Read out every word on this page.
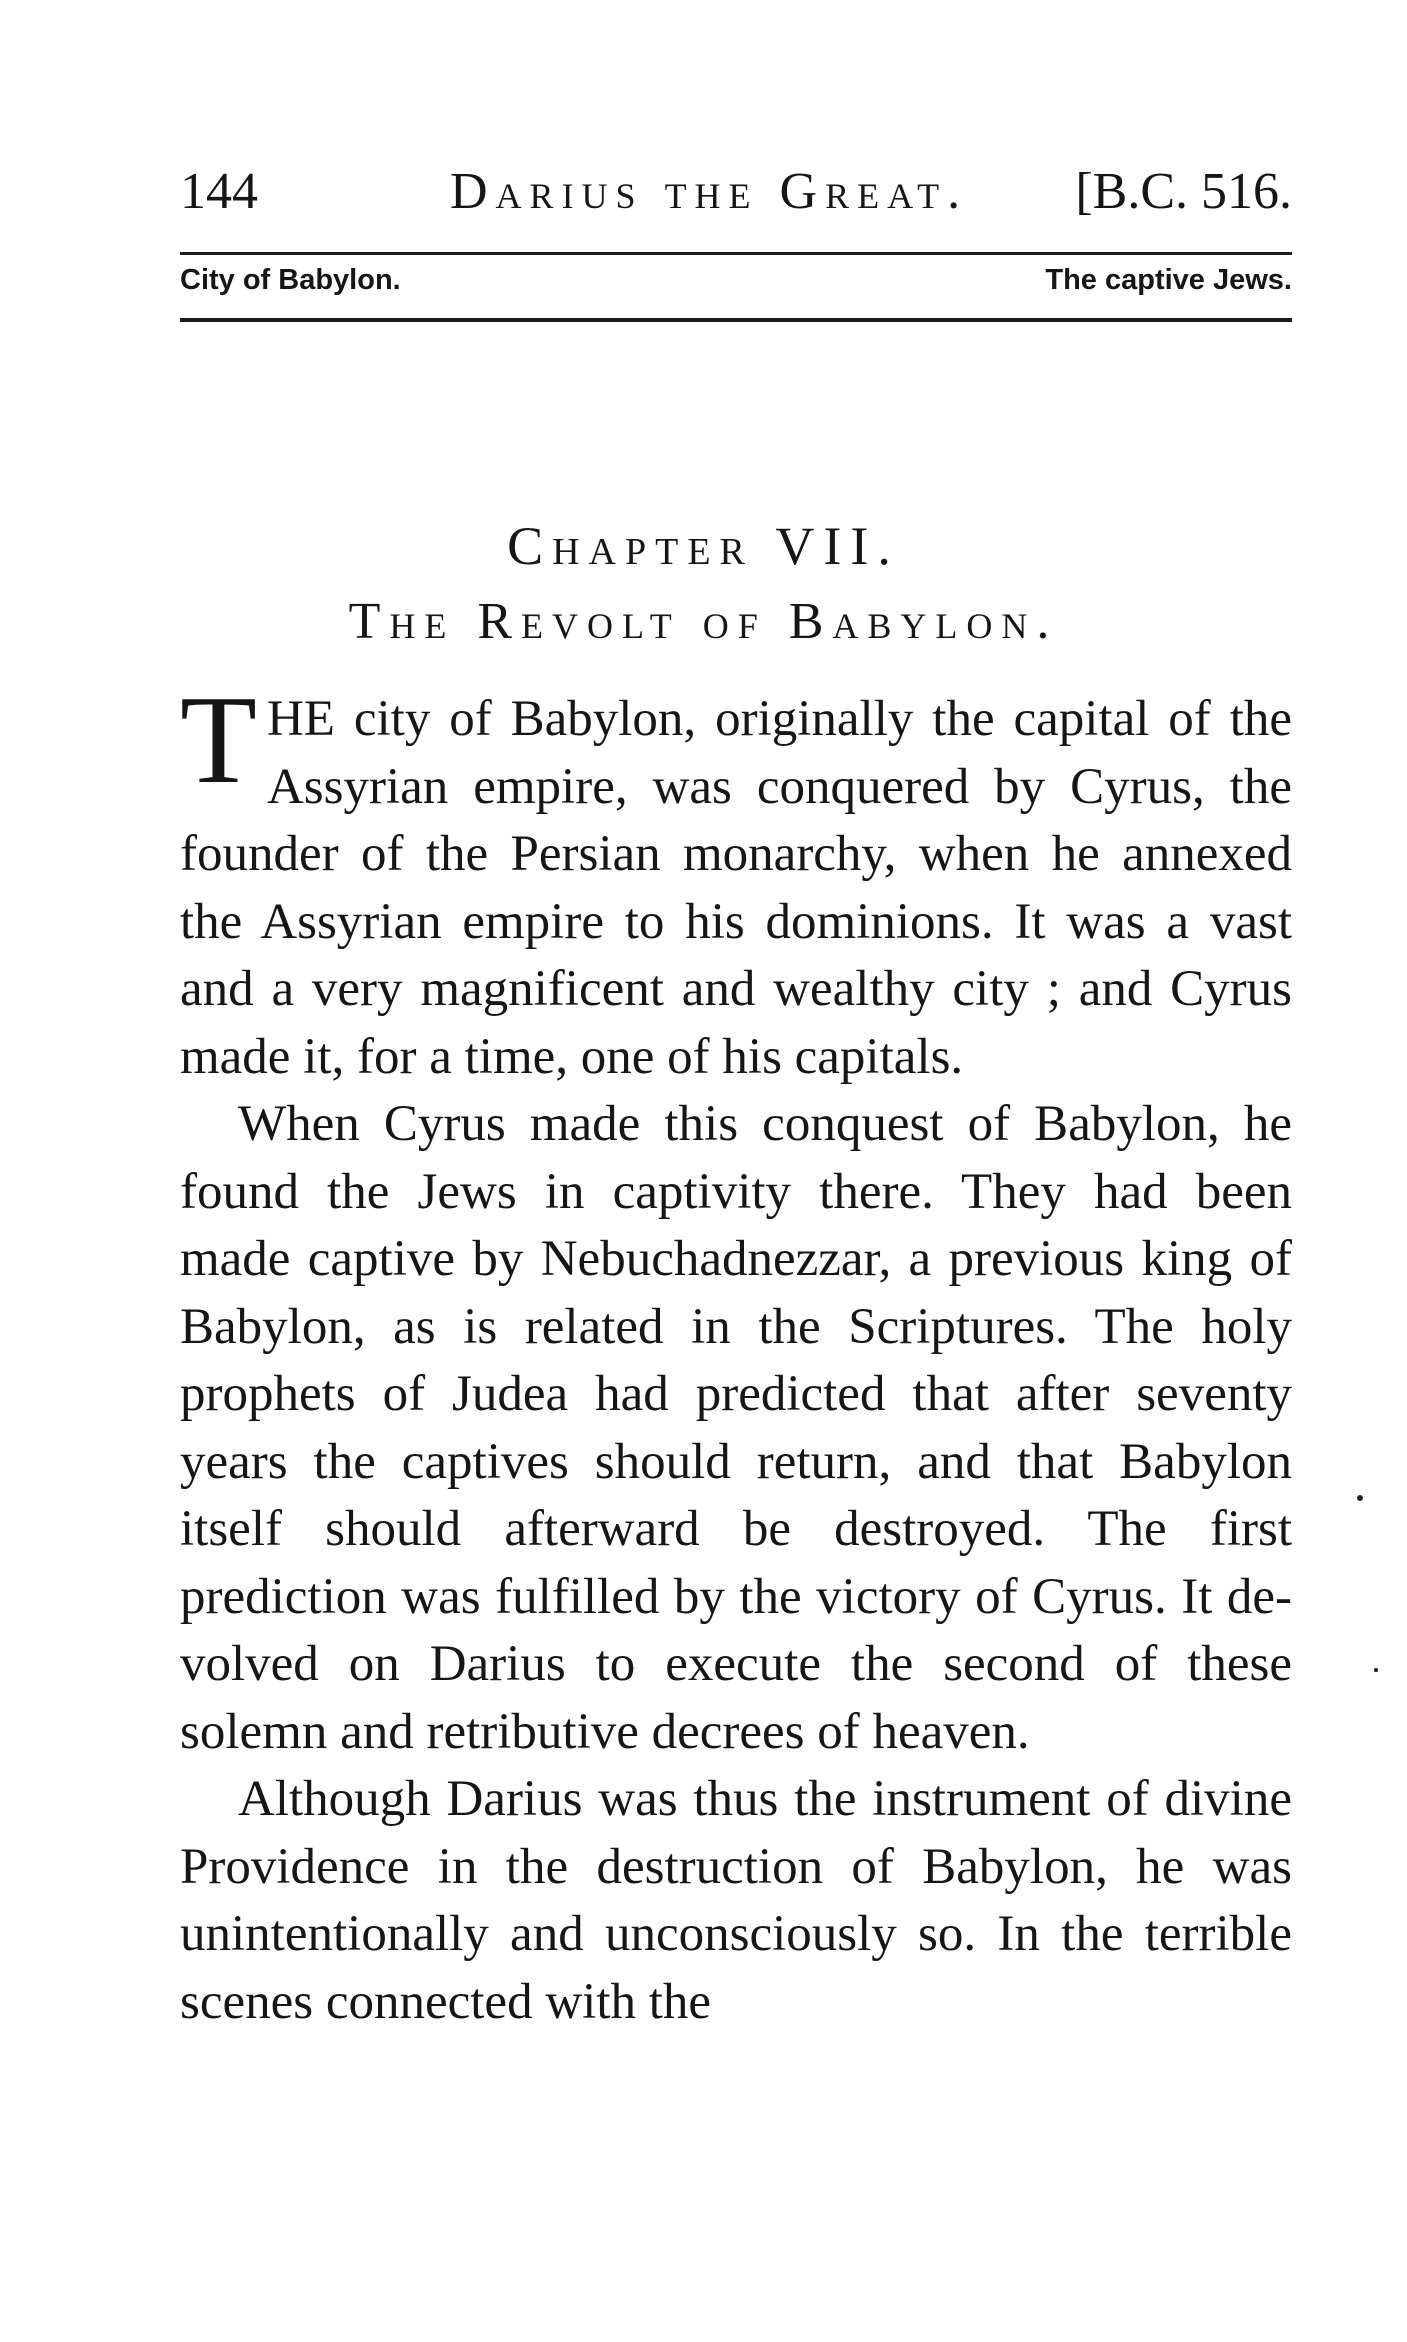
144	Darius the Great. [B.C. 516.
City of Babylon.	The captive Jews.
Chapter VII.
The Revolt of Babylon.

THE city of Babylon, originally the capital of the Assyrian empire, was conquered by Cyrus, the founder of the Persian monarchy, when he annexed the Assyrian empire to his dominions. It was a vast and a very magnificent and wealthy city ; and Cyrus made it, for a time, one of his capitals.

When Cyrus made this conquest of Babylon, he found the Jews in captivity there. They had been made captive by Nebuchadnezzar, a previous king of Babylon, as is related in the Scriptures. The holy prophets of Judea had predicted that after seventy years the captives should return, and that Babylon itself should afterward be destroyed. The first prediction was fulfilled by the victory of Cyrus. It devolved on Darius to execute the second of these solemn and retributive decrees of heaven.

Although Darius was thus the instrument of divine Providence in the destruction of Babylon, he was unintentionally and unconsciously so. In the terrible scenes connected with the
